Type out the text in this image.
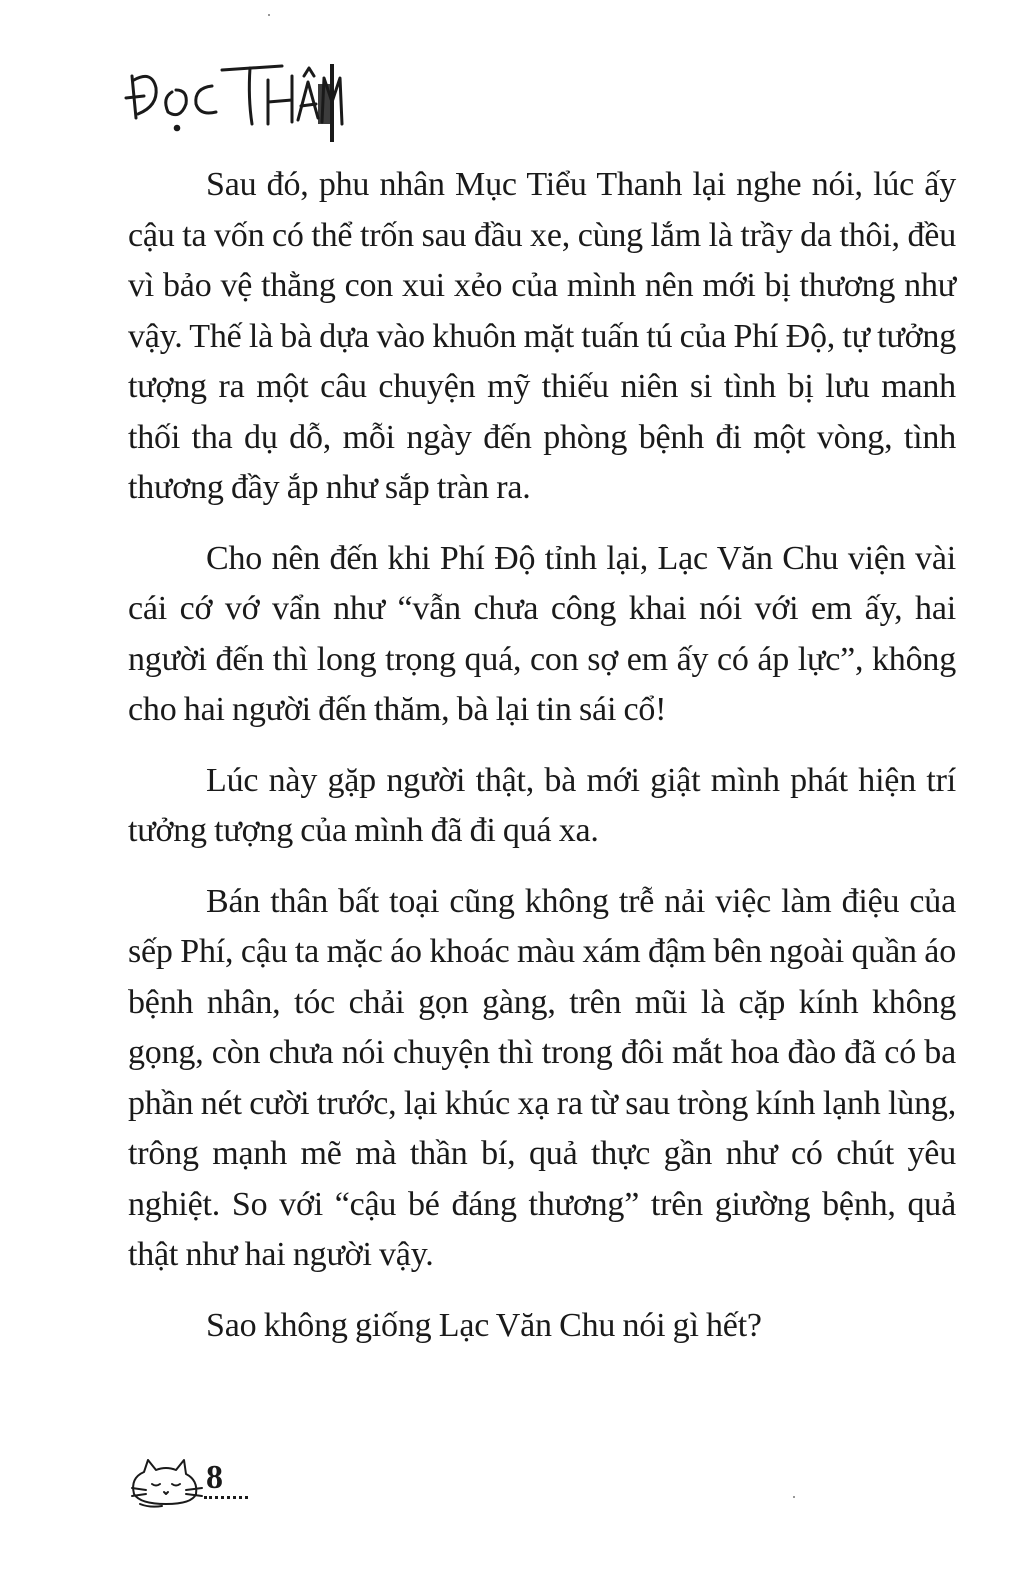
Sau đó, phu nhân Mục Tiểu Thanh lại nghe nói, lúc ấy cậu ta vốn có thể trốn sau đầu xe, cùng lắm là trầy da thôi, đều vì bảo vệ thằng con xui xẻo của mình nên mới bị thương như vậy. Thế là bà dựa vào khuôn mặt tuấn tú của Phí Độ, tự tưởng tượng ra một câu chuyện mỹ thiếu niên si tình bị lưu manh thối tha dụ dỗ, mỗi ngày đến phòng bệnh đi một vòng, tình thương đầy ắp như sắp tràn ra.

Cho nên đến khi Phí Độ tỉnh lại, Lạc Văn Chu viện vài cái cớ vớ vẩn như “vẫn chưa công khai nói với em ấy, hai người đến thì long trọng quá, con sợ em ấy có áp lực”, không cho hai người đến thăm, bà lại tin sái cổ!

Lúc này gặp người thật, bà mới giật mình phát hiện trí tưởng tượng của mình đã đi quá xa.

Bán thân bất toại cũng không trễ nải việc làm điệu của sếp Phí, cậu ta mặc áo khoác màu xám đậm bên ngoài quần áo bệnh nhân, tóc chải gọn gàng, trên mũi là cặp kính không gọng, còn chưa nói chuyện thì trong đôi mắt hoa đào đã có ba phần nét cười trước, lại khúc xạ ra từ sau tròng kính lạnh lùng, trông mạnh mẽ mà thần bí, quả thực gần như có chút yêu nghiệt. So với “cậu bé đáng thương” trên giường bệnh, quả thật như hai người vậy.

Sao không giống Lạc Văn Chu nói gì hết?

8
